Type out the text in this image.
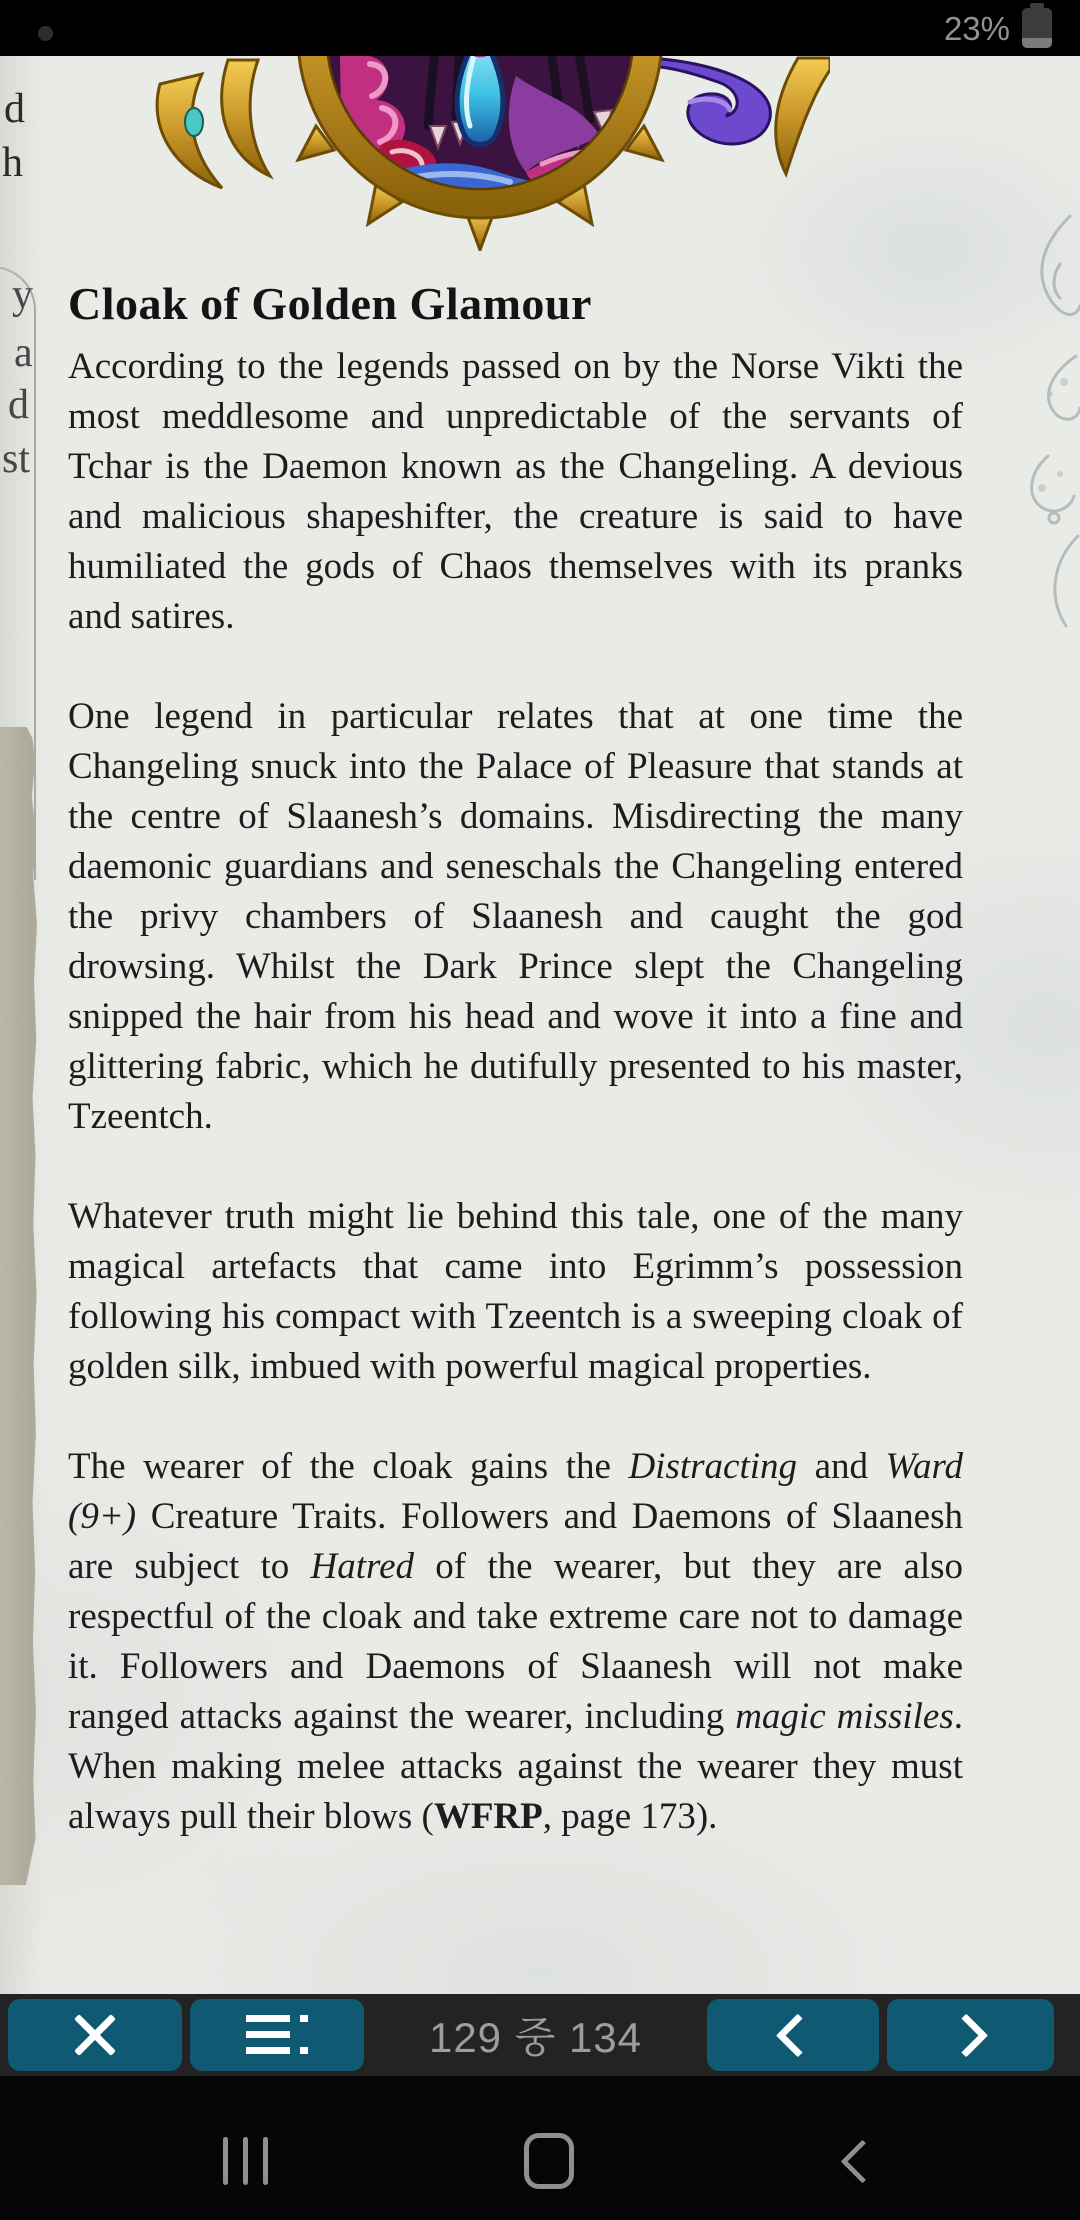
23%
d
h
y
a
d
st
Cloak of Golden Glamour

According to the legends passed on by the Norse Vikti the most meddlesome and unpredictable of the servants of Tchar is the Daemon known as the Changeling. A devious and malicious shapeshifter, the creature is said to have humiliated the gods of Chaos themselves with its pranks and satires.

One legend in particular relates that at one time the Changeling snuck into the Palace of Pleasure that stands at the centre of Slaanesh’s domains. Misdirecting the many daemonic guardians and seneschals the Changeling entered the privy chambers of Slaanesh and caught the god drowsing. Whilst the Dark Prince slept the Changeling snipped the hair from his head and wove it into a fine and glittering fabric, which he dutifully presented to his master, Tzeentch.

Whatever truth might lie behind this tale, one of the many magical artefacts that came into Egrimm’s possession following his compact with Tzeentch is a sweeping cloak of golden silk, imbued with powerful magical properties.

The wearer of the cloak gains the Distracting and Ward (9+) Creature Traits. Followers and Daemons of Slaanesh are subject to Hatred of the wearer, but they are also respectful of the cloak and take extreme care not to damage it. Followers and Daemons of Slaanesh will not make ranged attacks against the wearer, including magic missiles. When making melee attacks against the wearer they must always pull their blows (WFRP, page 173).

129 중 134
